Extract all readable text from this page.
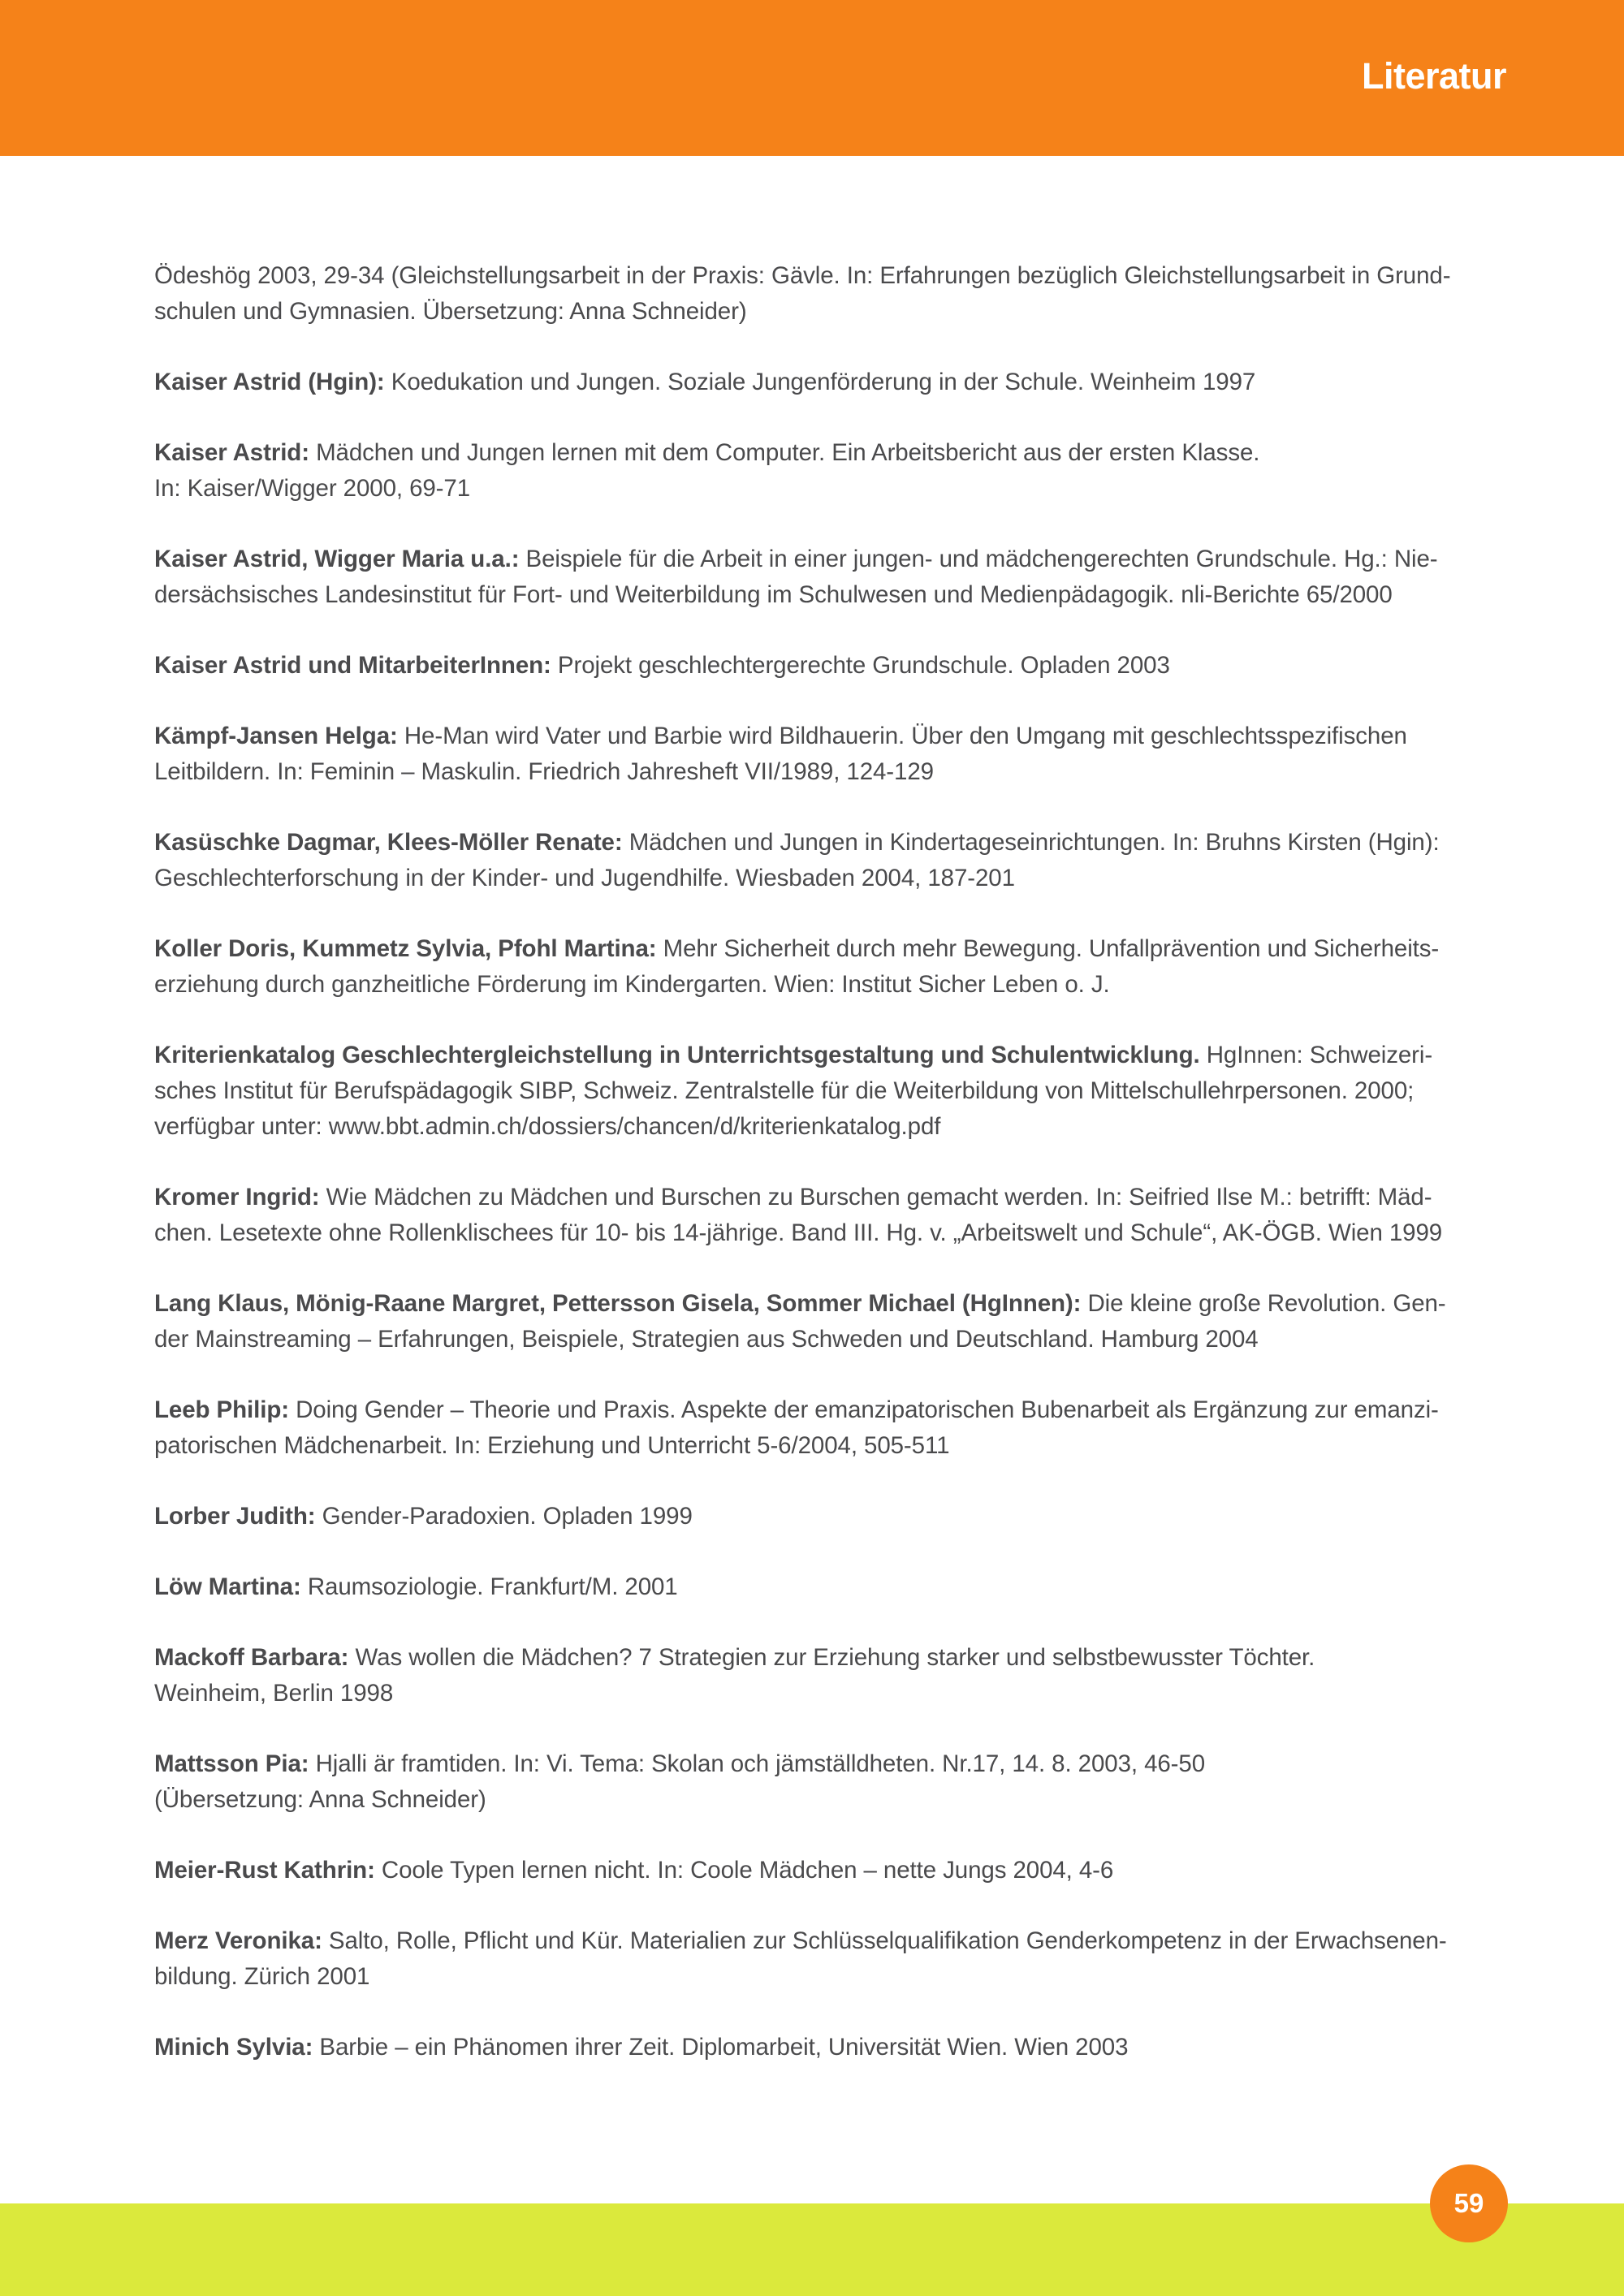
Literatur

Ödeshög 2003, 29-34 (Gleichstellungsarbeit in der Praxis: Gävle. In: Erfahrungen bezüglich Gleichstellungsarbeit in Grund-
schulen und Gymnasien. Übersetzung: Anna Schneider)

Kaiser Astrid (Hgin): Koedukation und Jungen. Soziale Jungenförderung in der Schule. Weinheim 1997

Kaiser Astrid: Mädchen und Jungen lernen mit dem Computer. Ein Arbeitsbericht aus der ersten Klasse.
In: Kaiser/Wigger 2000, 69-71

Kaiser Astrid, Wigger Maria u.a.: Beispiele für die Arbeit in einer jungen- und mädchengerechten Grundschule. Hg.: Nie-
dersächsisches Landesinstitut für Fort- und Weiterbildung im Schulwesen und Medienpädagogik. nli-Berichte 65/2000

Kaiser Astrid und MitarbeiterInnen: Projekt geschlechtergerechte Grundschule. Opladen 2003

Kämpf-Jansen Helga: He-Man wird Vater und Barbie wird Bildhauerin. Über den Umgang mit geschlechtsspezifischen
Leitbildern. In: Feminin – Maskulin. Friedrich Jahresheft VII/1989, 124-129

Kasüschke Dagmar, Klees-Möller Renate: Mädchen und Jungen in Kindertageseinrichtungen. In: Bruhns Kirsten (Hgin):
Geschlechterforschung in der Kinder- und Jugendhilfe. Wiesbaden 2004, 187-201

Koller Doris, Kummetz Sylvia, Pfohl Martina: Mehr Sicherheit durch mehr Bewegung. Unfallprävention und Sicherheits-
erziehung durch ganzheitliche Förderung im Kindergarten. Wien: Institut Sicher Leben o. J.

Kriterienkatalog Geschlechtergleichstellung in Unterrichtsgestaltung und Schulentwicklung. HgInnen: Schweizeri-
sches Institut für Berufspädagogik SIBP, Schweiz. Zentralstelle für die Weiterbildung von Mittelschullehrpersonen. 2000;
verfügbar unter: www.bbt.admin.ch/dossiers/chancen/d/kriterienkatalog.pdf

Kromer Ingrid: Wie Mädchen zu Mädchen und Burschen zu Burschen gemacht werden. In: Seifried Ilse M.: betrifft: Mäd-
chen. Lesetexte ohne Rollenklischees für 10- bis 14-jährige. Band III. Hg. v. „Arbeitswelt und Schule“, AK-ÖGB. Wien 1999

Lang Klaus, Mönig-Raane Margret, Pettersson Gisela, Sommer Michael (HgInnen): Die kleine große Revolution. Gen-
der Mainstreaming – Erfahrungen, Beispiele, Strategien aus Schweden und Deutschland. Hamburg 2004

Leeb Philip: Doing Gender – Theorie und Praxis. Aspekte der emanzipatorischen Bubenarbeit als Ergänzung zur emanzi-
patorischen Mädchenarbeit. In: Erziehung und Unterricht 5-6/2004, 505-511

Lorber Judith: Gender-Paradoxien. Opladen 1999

Löw Martina: Raumsoziologie. Frankfurt/M. 2001

Mackoff Barbara: Was wollen die Mädchen? 7 Strategien zur Erziehung starker und selbstbewusster Töchter.
Weinheim, Berlin 1998

Mattsson Pia: Hjalli är framtiden. In: Vi. Tema: Skolan och jämställdheten. Nr.17, 14. 8. 2003, 46-50
(Übersetzung: Anna Schneider)

Meier-Rust Kathrin: Coole Typen lernen nicht. In: Coole Mädchen – nette Jungs 2004, 4-6

Merz Veronika: Salto, Rolle, Pflicht und Kür. Materialien zur Schlüsselqualifikation Genderkompetenz in der Erwachsenen-
bildung. Zürich 2001

Minich Sylvia: Barbie – ein Phänomen ihrer Zeit. Diplomarbeit, Universität Wien. Wien 2003

59
